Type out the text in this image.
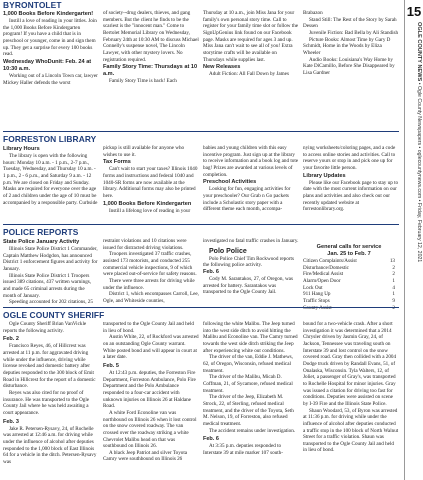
15
OGLE COUNTY NEWS • Ogle County Newspapers • oglecountynews.com • Friday, February 12, 2021
BYRONTOLET

1,000 Books Before Kindergarten!

Instill a love of reading in your littles. Join the 1,000 Books Before Kindergarten program! If you have a child that is in preschool or younger, come in and sign them up. They get a surprise for every 100 books read.

Wednesday WhoDunit: Feb. 24 at 10:30 a.m.

Working out of a Lincoln Town car, lawyer Mickey Haller defends the worst

of society--drug dealers, thieves, and gang members. But the client he finds to be the scariest is the "innocent man." Come to Bertolet Memorial Library on Wednesday, February 24th at 10:30 AM to discuss Michael Connelly's suspense novel, The Lincoln Lawyer, with other mystery lovers. No registration required.

Family Story Time: Thursdays at 10 a.m.

Family Story Time is back! Each

Thursday at 10 a.m., join Miss Jana for your family's own personal story time. Call to register for your family time slot or follow the SignUpGenius link found on our Facebook page. Masks are required for ages 3 and up. Miss Jana can't wait to see all of you! Extra storytime crafts will be available on Thursdays while supplies last.

New Releases

Adult Fiction: All Fall Down by James

Brabazon

Stand Still: The Rest of the Story by Sarah Dessen

Juvenile Fiction: Bad Bella by Ali Standish

Picture Books: Almost Time by Gary D Schmidt, Home in the Woods by Eliza Wheeler

Audio Books: Louisiana's Way Home by Kate DiCamillo, Before She Disappeared by Lisa Gardner

FORRESTON LIBRARY

Library Hours

The library is open with the following hours: Monday 10 a.m. - 1 p.m., 2-7 p.m., Tuesday, Wednesday, and Thursday 10 a.m. - 1 p.m., 2 - 6 p.m., and Saturday 9 a.m. - 12 p.m. We are closed on Friday and Sunday. Masks are required for everyone over the age of 2 and children under the age of 10 must be accompanied by a responsible party. Curbside

pickup is still available for anyone who wishes to use it.

Tax Forms

Can't wait to start your taxes? Illinois 1040 forms and instructions and federal 1040 and 1040-SR forms are now available at the library. Additional forms may also be printed here.

1,000 Books Before Kindergarten

Instill a lifelong love of reading in your

babies and young children with this easy incentive program. Just sign up at the library to receive information and a book log and tote bag! Prizes are awarded at various levels of completion.

Preschool Activities

Looking for fun, engaging activities for your preschooler? Our Grab n Go packets include a Scholastic story paper with a different theme each month, accompa-

nying worksheets/coloring pages, and a code to access online stories and activities. Call to reserve yours or stop in and pick one up for your favorite little person.

Library Updates

Please like our Facebook page to stay up to date with the most current information on our plans and activities and also check out our recently updated website at forrestonlibrary.org.

POLICE REPORTS

State Police January Activity

Illinois State Police District 1 Commander, Captain Matthew Hodgdon, has announced District 1 enforcement figures and activity for January.

Illinois State Police District 1 Troopers issued 389 citations, 437 written warnings, and made 65 criminal arrests during the month of January.

Speeding accounted for 202 citations, 25

restraint violations and 10 citations were issued for distracted driving violations.

Troopers investigated 37 traffic crashes, assisted 173 motorists, and conducted 255 commercial vehicle inspections, 9 of which were placed out-of-service for safety reasons.

There were three arrests for driving while under the influence.

District 1, which encompasses Carroll, Lee, Ogle, and Whiteside counties,

investigated no fatal traffic crashes in January.

Polo Police

Polo Police Chief Tim Rockwood reports the following police activity.

Feb. 6

Cody M. Sarantakos, 27, of Oregon, was arrested for battery. Sarantakos was transported to the Ogle County Jail.

General calls for service
Jan. 25 to Feb. 7
Citizen Complaints/Assist	13
Disturbance/Domestic	2
Fire/Medical Assist	2
Alarm/Open Door	1
Lock Out	4
911 Hang Up	1
Traffic Stops	9
County Assist	2
OGLE COUNTY SHERIFF

Ogle County Sheriff Brian VanVickle reports the following activity.

Feb. 2

Francisco Reyes, 46, of Hillcrest was arrested at 11 p.m. for aggravated driving while under the influence, driving while license revoked and domestic battery after deputies responded to the 300 block of Emit Road in Hillcrest for the report of a domestic disturbance.

Reyes was also cited for no proof of insurance. He was transported to the Ogle County Jail where he was held awaiting a court appearance.

Feb. 3

Jake R. Petersen-Rysavy, 24, of Rochelle was arrested at 12:46 a.m. for driving while under the influence of alcohol after deputies responded to the 1,000 block of East Illinois 64 for a vehicle in the ditch. Petersen-Rysavy was

transported to the Ogle County Jail and held in lieu of bond.

Austin White, 22, of Rockford was arrested on an outstanding Ogle County warrant. White posted bond and will appear in court at a later date.

Feb. 5

At 12:43 p.m. deputies, the Forreston Fire Department, Forreston Ambulance, Polo Fire Department and the Polo Ambulance responded to a four-car accident with unknown injuries on Illinois 26 at Haldane Road.

A white Ford Econoline van was northbound on Illinois 26 when it lost control on the snow covered roadway. The van crossed over the roadway striking a white Chevrolet Malibu head on that was southbound on Illinois 26.

A black Jeep Patriot and silver Toyota Camry were southbound on Illinois 26

following the white Malibu. The Jeep turned into the west side ditch to avoid hitting the Malibu and Econoline van. The Camry turned towards the west side ditch striking the Jeep after experiencing white out conditions.

The driver of the van, Eddie J. Mathews, 62, of Oregon, Wisconsin, refused medical treatment.

The driver of the Malibu, Micah D. Coffman, 21, of Sycamore, refused medical treatment.

The driver of the Jeep, Elizabeth M. Strock, 22, of Sterling, refused medical treatment, and the driver of the Toyota, Seth M. Nelson, 19, of Forreston, also refused medical treatment.

The accident remains under investigation.

Feb. 6

At 3:35 p.m. deputies responded to Interstate 39 at mile marker 107 south-

bound for a two-vehicle crash. After a short investigation it was determined that a 2014 Chrysler driven by Jasmin Gray, 24, of Jackson, Tennessee was traveling south on Interstate 39 and lost control on the snow covered road. Gray then collided with a 2004 Dodge truck driven by Randall Evans, 51, of Onalaska, Wisconsin. Tyla Walters, 12, of Joliet, a passenger of Gray's, was transported to Rochelle Hospital for minor injuries. Gray was issued a citation for driving too fast for conditions. Deputies were assisted on scene by I-39 Fire and the Illinois State Police.

Shaun Woodard, 53, of Byron was arrested at 11:36 p.m. for driving while under the influence of alcohol after deputies conducted a traffic stop in the 100 block of North Walnut Street for a traffic violation. Shaun was transported to the Ogle County Jail and held in lieu of bond.
